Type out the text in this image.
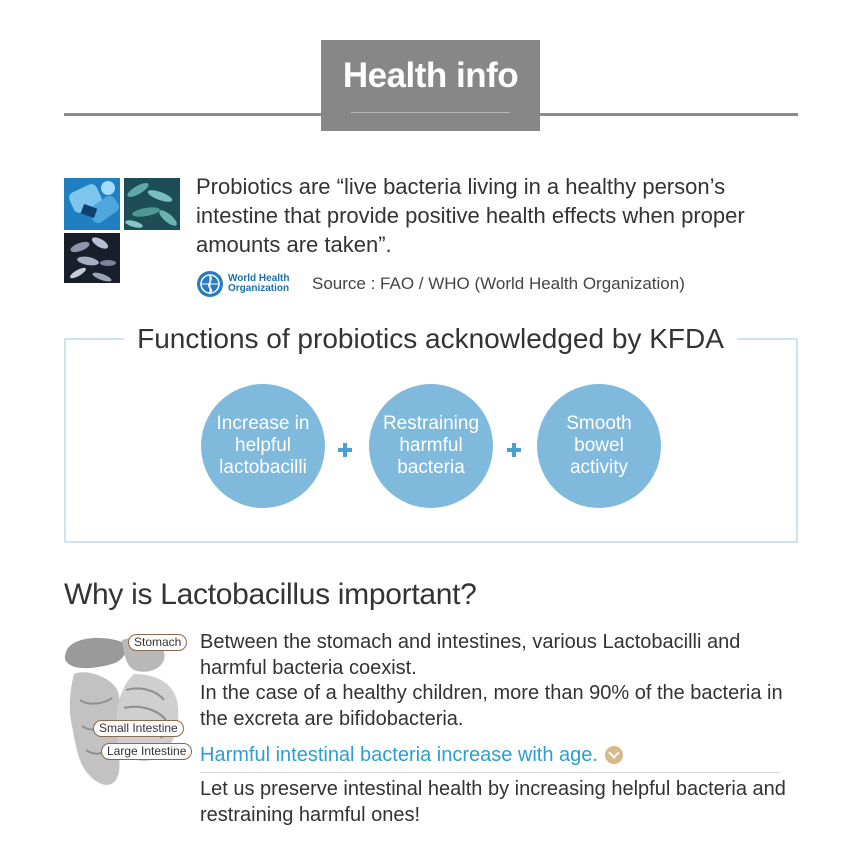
Health info
Probiotics are “live bacteria living in a healthy person’s intestine that provide positive health effects when proper amounts are taken”.
World Health
Organization Source : FAO / WHO (World Health Organization)
Functions of probiotics acknowledged by KFDA
Increase in helpful lactobacilli
Restraining harmful bacteria
Smooth bowel activity
Why is Lactobacillus important?
Stomach
Small Intestine
Large Intestine
Between the stomach and intestines, various Lactobacilli and harmful bacteria coexist.
In the case of a healthy children, more than 90% of the bacteria in the excreta are bifidobacteria.
Harmful intestinal bacteria increase with age.
Let us preserve intestinal health by increasing helpful bacteria and restraining harmful ones!
